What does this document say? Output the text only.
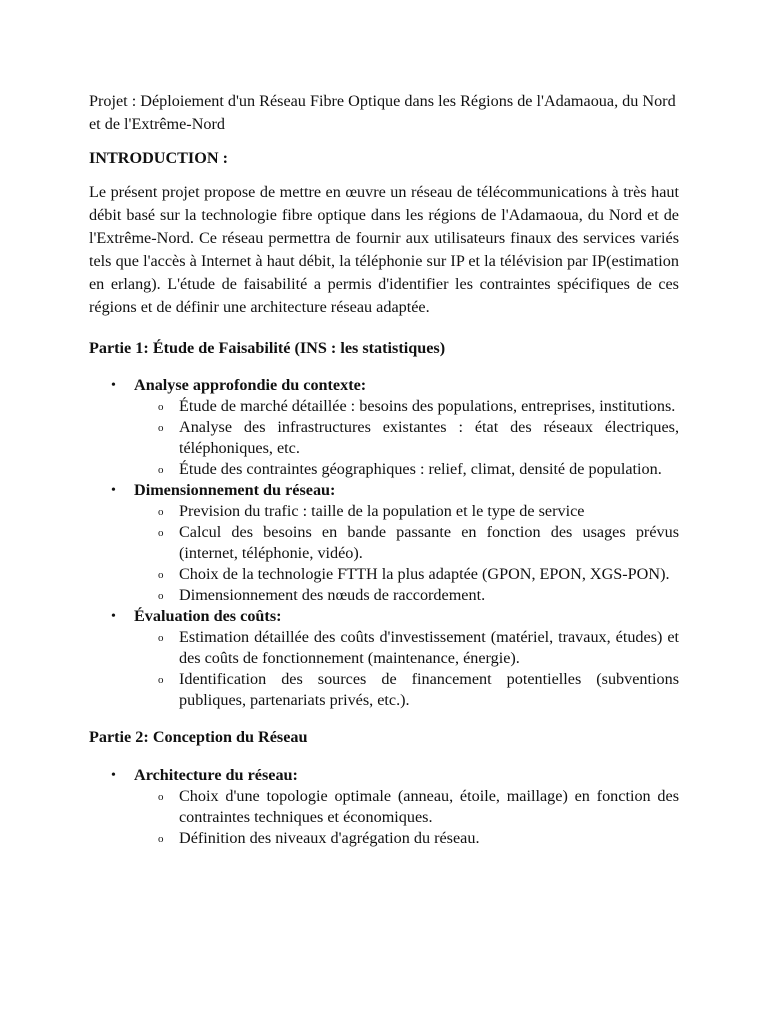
Projet : Déploiement d'un Réseau Fibre Optique dans les Régions de l'Adamaoua, du Nord et de l'Extrême-Nord

INTRODUCTION :

Le présent projet propose de mettre en œuvre un réseau de télécommunications à très haut débit basé sur la technologie fibre optique dans les régions de l'Adamaoua, du Nord et de l'Extrême-Nord. Ce réseau permettra de fournir aux utilisateurs finaux des services variés tels que l'accès à Internet à haut débit, la téléphonie sur IP et la télévision par IP(estimation en erlang). L'étude de faisabilité a permis d'identifier les contraintes spécifiques de ces régions et de définir une architecture réseau adaptée.

Partie 1: Étude de Faisabilité (INS : les statistiques)

• Analyse approfondie du contexte:
o Étude de marché détaillée : besoins des populations, entreprises, institutions.
o Analyse des infrastructures existantes : état des réseaux électriques, téléphoniques, etc.
o Étude des contraintes géographiques : relief, climat, densité de population.
• Dimensionnement du réseau:
o Prevision du trafic : taille de la population et le type de service
o Calcul des besoins en bande passante en fonction des usages prévus (internet, téléphonie, vidéo).
o Choix de la technologie FTTH la plus adaptée (GPON, EPON, XGS-PON).
o Dimensionnement des nœuds de raccordement.
• Évaluation des coûts:
o Estimation détaillée des coûts d'investissement (matériel, travaux, études) et des coûts de fonctionnement (maintenance, énergie).
o Identification des sources de financement potentielles (subventions publiques, partenariats privés, etc.).

Partie 2: Conception du Réseau

• Architecture du réseau:
o Choix d'une topologie optimale (anneau, étoile, maillage) en fonction des contraintes techniques et économiques.
o Définition des niveaux d'agrégation du réseau.
